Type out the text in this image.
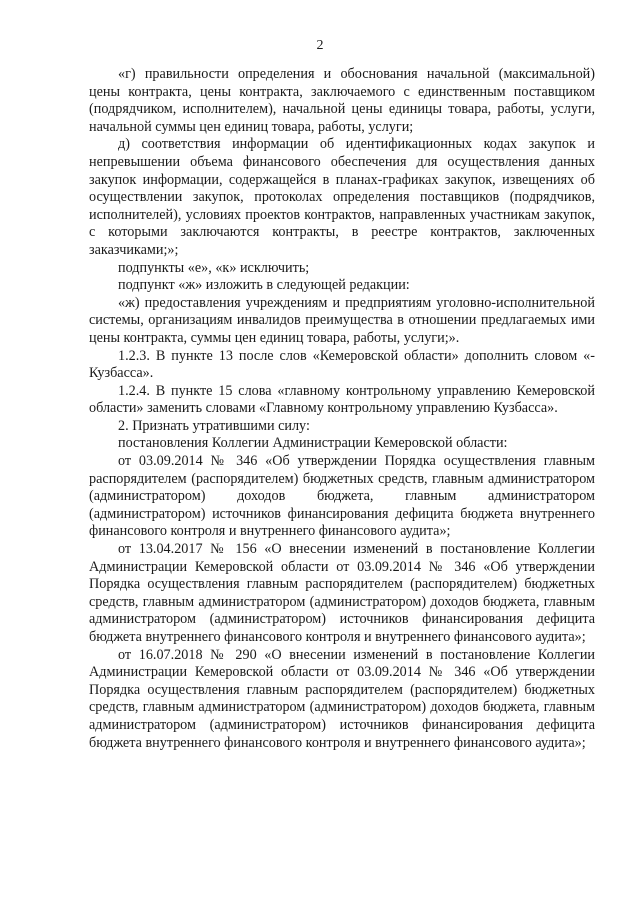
2

«г) правильности определения и обоснования начальной (максимальной) цены контракта, цены контракта, заключаемого с единственным поставщиком (подрядчиком, исполнителем), начальной цены единицы товара, работы, услуги, начальной суммы цен единиц товара, работы, услуги;

д) соответствия информации об идентификационных кодах закупок и непревышении объема финансового обеспечения для осуществления данных закупок информации, содержащейся в планах-графиках закупок, извещениях об осуществлении закупок, протоколах определения поставщиков (подрядчиков, исполнителей), условиях проектов контрактов, направленных участникам закупок, с которыми заключаются контракты, в реестре контрактов, заключенных заказчиками;»;

подпункты «е», «к» исключить;

подпункт «ж» изложить в следующей редакции:

«ж) предоставления учреждениям и предприятиям уголовно-исполнительной системы, организациям инвалидов преимущества в отношении предлагаемых ими цены контракта, суммы цен единиц товара, работы, услуги;».

1.2.3. В пункте 13 после слов «Кемеровской области» дополнить словом «- Кузбасса».

1.2.4. В пункте 15 слова «главному контрольному управлению Кемеровской области» заменить словами «Главному контрольному управлению Кузбасса».

2. Признать утратившими силу:

постановления Коллегии Администрации Кемеровской области:

от 03.09.2014 № 346 «Об утверждении Порядка осуществления главным распорядителем (распорядителем) бюджетных средств, главным администратором (администратором) доходов бюджета, главным администратором (администратором) источников финансирования дефицита бюджета внутреннего финансового контроля и внутреннего финансового аудита»;

от 13.04.2017 № 156 «О внесении изменений в постановление Коллегии Администрации Кемеровской области от 03.09.2014 № 346 «Об утверждении Порядка осуществления главным распорядителем (распорядителем) бюджетных средств, главным администратором (администратором) доходов бюджета, главным администратором (администратором) источников финансирования дефицита бюджета внутреннего финансового контроля и внутреннего финансового аудита»;

от 16.07.2018 № 290 «О внесении изменений в постановление Коллегии Администрации Кемеровской области от 03.09.2014 № 346 «Об утверждении Порядка осуществления главным распорядителем (распорядителем) бюджетных средств, главным администратором (администратором) доходов бюджета, главным администратором (администратором) источников финансирования дефицита бюджета внутреннего финансового контроля и внутреннего финансового аудита»;
